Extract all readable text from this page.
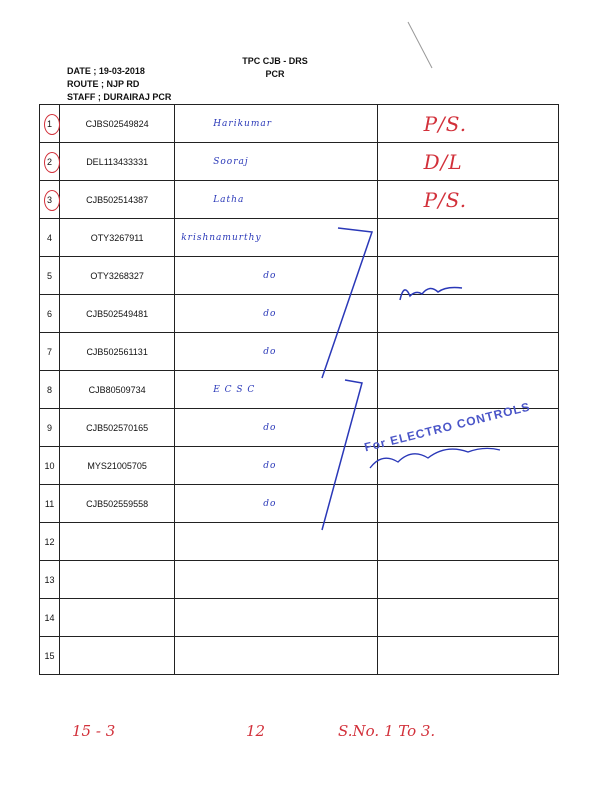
TPC CJB - DRS
PCR
DATE ; 19-03-2018
ROUTE ; NJP RD
STAFF ; DURAIRAJ PCR
1	CJBS02549824	Harikumar	P/S.

2	DEL113433331	Sooraj	D/L

3	CJB502514387	Latha	P/S.
4	OTY3267911	krishnamurthy	
5	OTY3268327	do	
6	CJB502549481	do	
7	CJB502561131	do	
8	CJB80509734	E C S C	
9	CJB502570165	do	
10	MYS21005705	do	
11	CJB502559558	do	
12			
13			
14			
15			
For ELECTRO CONTROLS
15 - 3	12	S.No. 1 To 3.
